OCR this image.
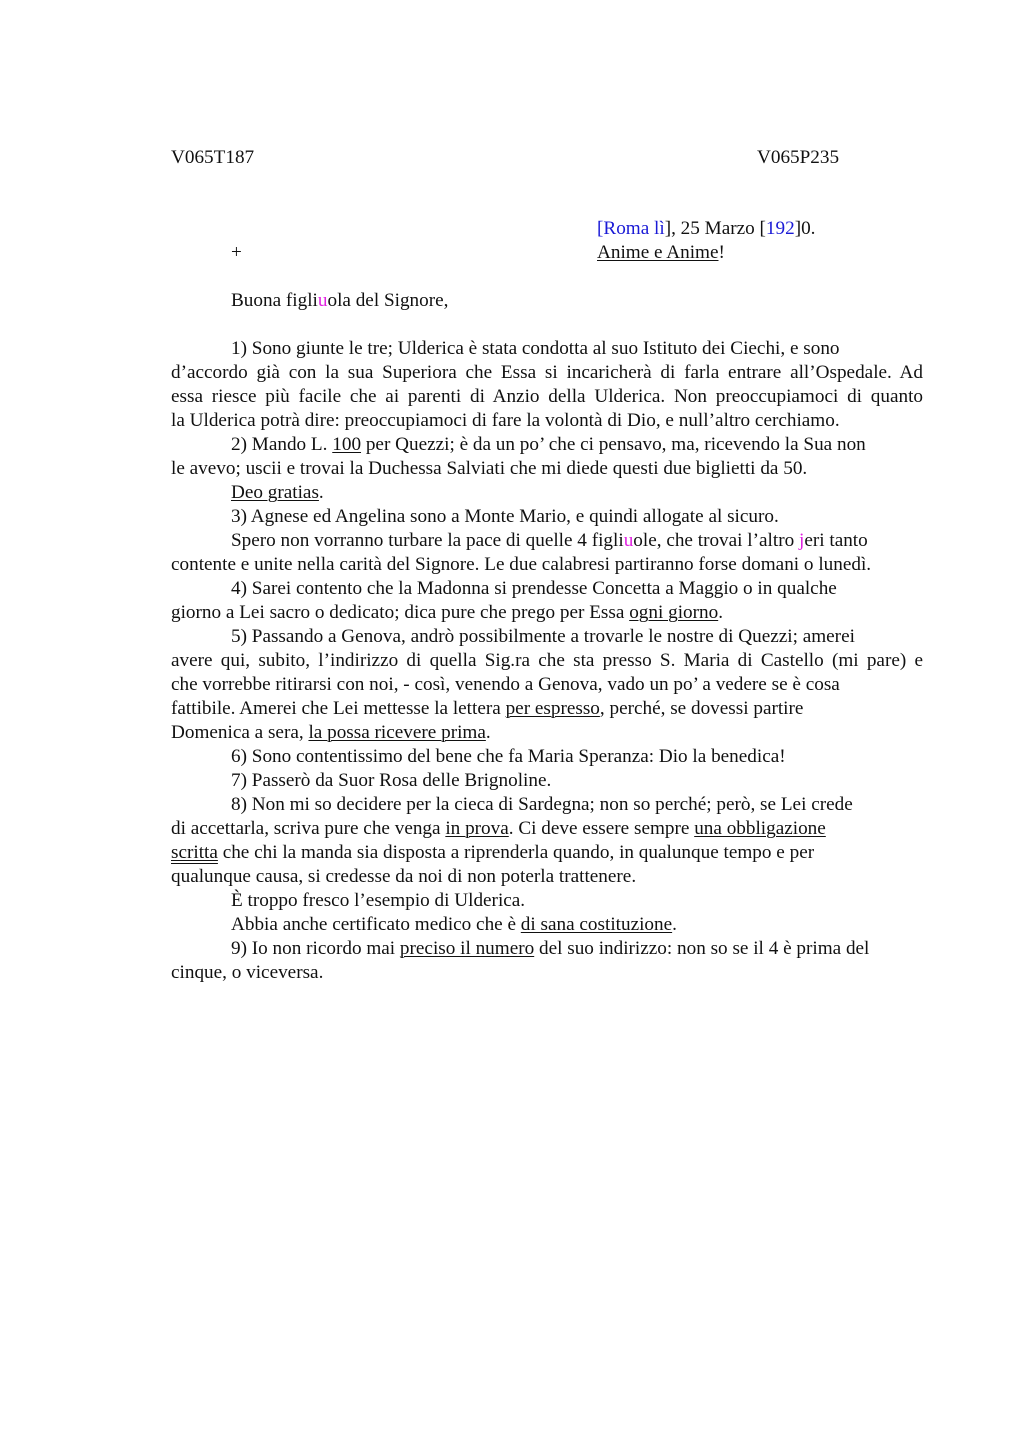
V065T187	V065P235
[Roma lì], 25 Marzo [192]0.
+	Anime e Anime!
Buona figliuola del Signore,
1) Sono giunte le tre; Ulderica è stata condotta al suo Istituto dei Ciechi, e sono
d’accordo già con la sua Superiora che Essa si incaricherà di farla entrare all’Ospedale. Ad
essa riesce più facile che ai parenti di Anzio della Ulderica. Non preoccupiamoci di quanto
la Ulderica potrà dire: preoccupiamoci di fare la volontà di Dio, e null’altro cerchiamo.
2) Mando L. 100 per Quezzi; è da un po’ che ci pensavo, ma, ricevendo la Sua non
le avevo; uscii e trovai la Duchessa Salviati che mi diede questi due biglietti da 50.
Deo gratias.
3) Agnese ed Angelina sono a Monte Mario, e quindi allogate al sicuro.
Spero non vorranno turbare la pace di quelle 4 figliuole, che trovai l’altro jeri tanto
contente e unite nella carità del Signore. Le due calabresi partiranno forse domani o lunedì.
4) Sarei contento che la Madonna si prendesse Concetta a Maggio o in qualche
giorno a Lei sacro o dedicato; dica pure che prego per Essa ogni giorno.
5) Passando a Genova, andrò possibilmente a trovarle le nostre di Quezzi; amerei
avere qui, subito, l’indirizzo di quella Sig.ra che sta presso S. Maria di Castello (mi pare) e
che vorrebbe ritirarsi con noi, - così, venendo a Genova, vado un po’ a vedere se è cosa
fattibile. Amerei che Lei mettesse la lettera per espresso, perché, se dovessi partire
Domenica a sera, la possa ricevere prima.
6) Sono contentissimo del bene che fa Maria Speranza: Dio la benedica!
7) Passerò da Suor Rosa delle Brignoline.
8) Non mi so decidere per la cieca di Sardegna; non so perché; però, se Lei crede
di accettarla, scriva pure che venga in prova. Ci deve essere sempre una obbligazione
scritta che chi la manda sia disposta a riprenderla quando, in qualunque tempo e per
qualunque causa, si credesse da noi di non poterla trattenere.
È troppo fresco l’esempio di Ulderica.
Abbia anche certificato medico che è di sana costituzione.
9) Io non ricordo mai preciso il numero del suo indirizzo: non so se il 4 è prima del
cinque, o viceversa.
